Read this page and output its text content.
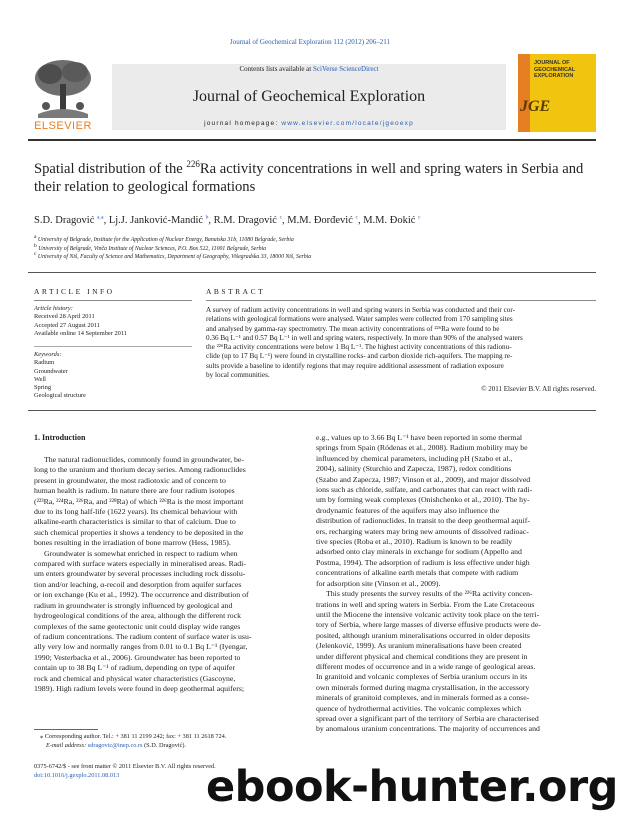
Journal of Geochemical Exploration 112 (2012) 206–211
ELSEVIER
Contents lists available at SciVerse ScienceDirect
Journal of Geochemical Exploration
journal homepage: www.elsevier.com/locate/jgeoexp
JOURNAL OF GEOCHEMICAL EXPLORATION
JGE
Spatial distribution of the $^{226}$Ra activity concentrations in well and spring waters in Serbia and their relation to geological formations
S.D. Dragović $^{a,⁎}$, Lj.J. Janković-Mandić $^b$, R.M. Dragović $^c$, M.M. Đorđević $^c$, M.M. Đokić $^c$
$^a$ University of Belgrade, Institute for the Application of Nuclear Energy, Banatska 31b, 11080 Belgrade, Serbia
$^b$ University of Belgrade, Vinča Institute of Nuclear Sciences, P.O. Box 522, 11001 Belgrade, Serbia
$^c$ University of Niš, Faculty of Science and Mathematics, Department of Geography, Višegradska 33, 18000 Niš, Serbia
ARTICLE INFO
Article history:
Received 28 April 2011
Accepted 27 August 2011
Available online 14 September 2011
Keywords:
Radium
Groundwater
Well
Spring
Geological structure
ABSTRACT
A survey of radium activity concentrations in well and spring waters in Serbia was conducted and their cor-
relations with geological formations were analysed. Water samples were collected from 170 sampling sites
and analysed by gamma-ray spectrometry. The mean activity concentrations of ²²⁶Ra were found to be
0.36 Bq L⁻¹ and 0.57 Bq L⁻¹ in well and spring waters, respectively. In more than 90% of the analysed waters
the ²²⁶Ra activity concentrations were below 1 Bq L⁻¹. The highest activity concentrations of this radionu-
clide (up to 17 Bq L⁻¹) were found in crystalline rocks- and carbon dioxide rich-aquifers. The mapping re-
sults provide a baseline to identify regions that may require additional assessment of radiation exposure
by local communities.
© 2011 Elsevier B.V. All rights reserved.
1. Introduction
The natural radionuclides, commonly found in groundwater, be-
long to the uranium and thorium decay series. Among radionuclides
present in groundwater, the most radiotoxic and of concern to
human health is radium. In nature there are four radium isotopes
(²²³Ra, ²²⁴Ra, ²²⁶Ra, and ²²⁸Ra) of which ²²⁶Ra is the most important
due to its long half-life (1622 years). Its chemical behaviour with
alkaline-earth characteristics is similar to that of calcium. Due to
such chemical properties it shows a tendency to be deposited in the
bones resulting in the irradiation of bone marrow (Hess, 1985).
Groundwater is somewhat enriched in respect to radium when
compared with surface waters especially in mineralised areas. Radi-
um enters groundwater by several processes including rock dissolu-
tion and/or leaching, α-recoil and desorption from aquifer surfaces
or ion exchange (Ku et al., 1992). The occurrence and distribution of
radium in groundwater is strongly influenced by geological and
hydrogeological conditions of the area, although the different rock
complexes of the same geotectonic unit could display wide ranges
of radium concentrations. The radium content of surface water is usu-
ally very low and normally ranges from 0.01 to 0.1 Bq L⁻¹ (Iyengar,
1990; Vesterbacka et al., 2006). Groundwater has been reported to
contain up to 38 Bq L⁻¹ of radium, depending on type of aquifer
rock and chemical and physical water characteristics (Gascoyne,
1989). High radium levels were found in deep geothermal aquifers;
e.g., values up to 3.66 Bq L⁻¹ have been reported in some thermal
springs from Spain (Ródenas et al., 2008). Radium mobility may be
influenced by chemical parameters, including pH (Szabo et al.,
2004), salinity (Sturchio and Zapecza, 1987), redox conditions
(Szabo and Zapecza, 1987; Vinson et al., 2009), and major dissolved
ions such as chloride, sulfate, and carbonates that can react with radi-
um by forming weak complexes (Onishchenko et al., 2010). The hy-
drodynamic features of the aquifers may also influence the
distribution of radionuclides. In transit to the deep geothermal aquif-
ers, recharging waters may bring new amounts of dissolved radioac-
tive species (Roba et al., 2010). Radium is known to be readily
adsorbed onto clay minerals in exchange for sodium (Appello and
Postma, 1994). The adsorption of radium is less effective under high
concentrations of alkaline earth metals that compete with radium
for adsorption site (Vinson et al., 2009).
This study presents the survey results of the ²²⁶Ra activity concen-
trations in well and spring waters in Serbia. From the Late Cretaceous
until the Miocene the intensive volcanic activity took place on the terri-
tory of Serbia, where large masses of diverse effusive products were de-
posited, although uranium mineralisations occurred in older deposits
(Jelenković, 1999). As uranium mineralisations have been created
under different physical and chemical conditions they are present in
different modes of occurrence and in a wide range of geological areas.
In granitoid and volcanic complexes of Serbia uranium occurs in its
own minerals formed during magma crystallisation, in the accessory
minerals of granitoid complexes, and in minerals formed as a conse-
quence of hydrothermal activities. The volcanic complexes which
spread over a significant part of the territory of Serbia are characterised
by anomalous uranium concentrations. The majority of occurrences and
⁎ Corresponding author. Tel.: + 381 11 2199 242; fax: + 381 11 2618 724.
E-mail address: sdragovic@inep.co.rs (S.D. Dragović).
0375-6742/$ - see front matter © 2011 Elsevier B.V. All rights reserved.
doi:10.1016/j.gexplo.2011.08.013 ebook-hunter.org
